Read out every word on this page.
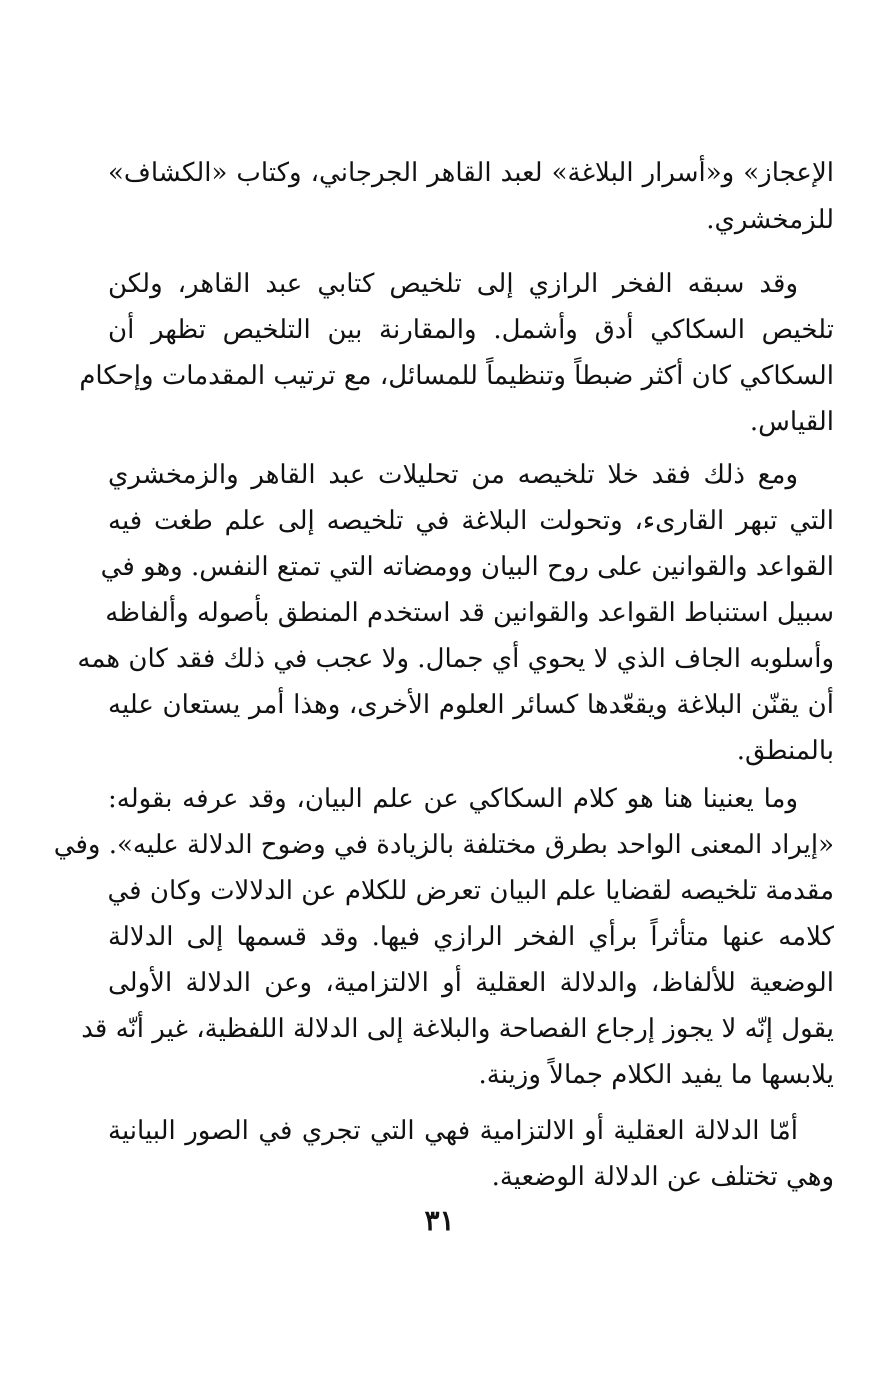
الإعجاز» و«أسرار البلاغة» لعبد القاهر الجرجاني، وكتاب «الكشاف»
للزمخشري.
وقد سبقه الفخر الرازي إلى تلخيص كتابي عبد القاهر، ولكن
تلخيص السكاكي أدق وأشمل. والمقارنة بين التلخيص تظهر أن
السكاكي كان أكثر ضبطاً وتنظيماً للمسائل، مع ترتيب المقدمات وإحكام
القياس.
ومع ذلك فقد خلا تلخيصه من تحليلات عبد القاهر والزمخشري
التي تبهر القارىء، وتحولت البلاغة في تلخيصه إلى علم طغت فيه
القواعد والقوانين على روح البيان وومضاته التي تمتع النفس. وهو في
سبيل استنباط القواعد والقوانين قد استخدم المنطق بأصوله وألفاظه
وأسلوبه الجاف الذي لا يحوي أي جمال. ولا عجب في ذلك فقد كان همه
أن يقنّن البلاغة ويقعّدها كسائر العلوم الأخرى، وهذا أمر يستعان عليه
بالمنطق.
وما يعنينا هنا هو كلام السكاكي عن علم البيان، وقد عرفه بقوله:
«إيراد المعنى الواحد بطرق مختلفة بالزيادة في وضوح الدلالة عليه». وفي
مقدمة تلخيصه لقضايا علم البيان تعرض للكلام عن الدلالات وكان في
كلامه عنها متأثراً برأي الفخر الرازي فيها. وقد قسمها إلى الدلالة
الوضعية للألفاظ، والدلالة العقلية أو الالتزامية، وعن الدلالة الأولى
يقول إنّه لا يجوز إرجاع الفصاحة والبلاغة إلى الدلالة اللفظية، غير أنّه قد
يلابسها ما يفيد الكلام جمالاً وزينة.
أمّا الدلالة العقلية أو الالتزامية فهي التي تجري في الصور البيانية
وهي تختلف عن الدلالة الوضعية.
٣١
